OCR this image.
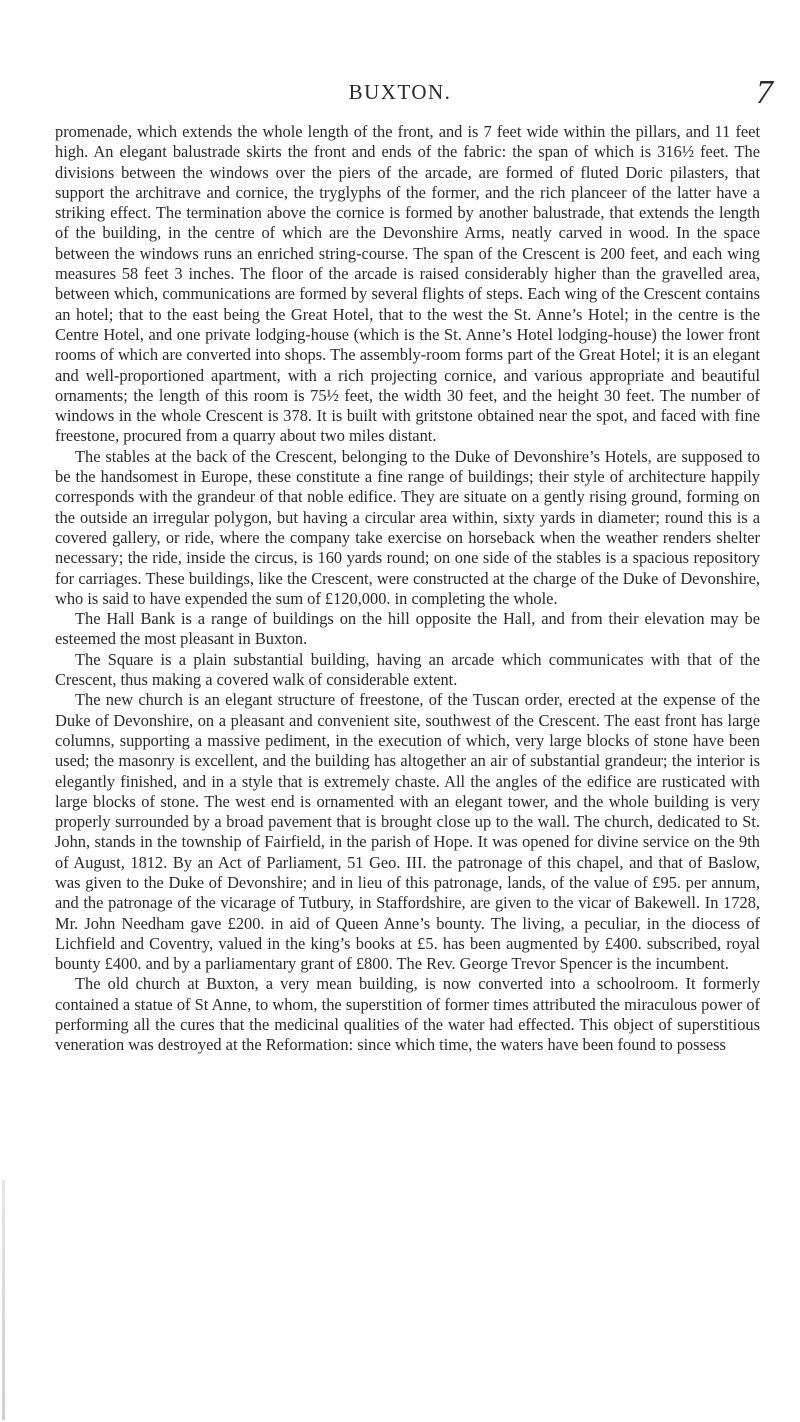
BUXTON.	7

promenade, which extends the whole length of the front, and is 7 feet wide within the pillars, and 11 feet high. An elegant balustrade skirts the front and ends of the fabric: the span of which is 316½ feet. The divisions between the windows over the piers of the arcade, are formed of fluted Doric pilasters, that support the architrave and cornice, the tryglyphs of the former, and the rich planceer of the latter have a striking effect. The termination above the cornice is formed by another balustrade, that extends the length of the building, in the centre of which are the Devonshire Arms, neatly carved in wood. In the space between the windows runs an enriched string-course. The span of the Crescent is 200 feet, and each wing measures 58 feet 3 inches. The floor of the arcade is raised considerably higher than the gravelled area, between which, communications are formed by several flights of steps. Each wing of the Crescent contains an hotel; that to the east being the Great Hotel, that to the west the St. Anne’s Hotel; in the centre is the Centre Hotel, and one private lodging-house (which is the St. Anne’s Hotel lodging-house) the lower front rooms of which are converted into shops. The assembly-room forms part of the Great Hotel; it is an elegant and well-proportioned apartment, with a rich projecting cornice, and various appropriate and beautiful ornaments; the length of this room is 75½ feet, the width 30 feet, and the height 30 feet. The number of windows in the whole Crescent is 378. It is built with gritstone obtained near the spot, and faced with fine freestone, procured from a quarry about two miles distant.

The stables at the back of the Crescent, belonging to the Duke of Devonshire’s Hotels, are supposed to be the handsomest in Europe, these constitute a fine range of buildings; their style of architecture happily corresponds with the grandeur of that noble edifice. They are situate on a gently rising ground, forming on the outside an irregular polygon, but having a circular area within, sixty yards in diameter; round this is a covered gallery, or ride, where the company take exercise on horseback when the weather renders shelter necessary; the ride, inside the circus, is 160 yards round; on one side of the stables is a spacious repository for carriages. These buildings, like the Crescent, were constructed at the charge of the Duke of Devonshire, who is said to have expended the sum of £120,000. in completing the whole.

The Hall Bank is a range of buildings on the hill opposite the Hall, and from their elevation may be esteemed the most pleasant in Buxton.

The Square is a plain substantial building, having an arcade which communicates with that of the Crescent, thus making a covered walk of considerable extent.

The new church is an elegant structure of freestone, of the Tuscan order, erected at the expense of the Duke of Devonshire, on a pleasant and convenient site, southwest of the Crescent. The east front has large columns, supporting a massive pediment, in the execution of which, very large blocks of stone have been used; the masonry is excellent, and the building has altogether an air of substantial grandeur; the interior is elegantly finished, and in a style that is extremely chaste. All the angles of the edifice are rusticated with large blocks of stone. The west end is ornamented with an elegant tower, and the whole building is very properly surrounded by a broad pavement that is brought close up to the wall. The church, dedicated to St. John, stands in the township of Fairfield, in the parish of Hope. It was opened for divine service on the 9th of August, 1812. By an Act of Parliament, 51 Geo. III. the patronage of this chapel, and that of Baslow, was given to the Duke of Devonshire; and in lieu of this patronage, lands, of the value of £95. per annum, and the patronage of the vicarage of Tutbury, in Staffordshire, are given to the vicar of Bakewell. In 1728, Mr. John Needham gave £200. in aid of Queen Anne’s bounty. The living, a peculiar, in the diocess of Lichfield and Coventry, valued in the king’s books at £5. has been augmented by £400. subscribed, royal bounty £400. and by a parliamentary grant of £800. The Rev. George Trevor Spencer is the incumbent.

The old church at Buxton, a very mean building, is now converted into a schoolroom. It formerly contained a statue of St Anne, to whom, the superstition of former times attributed the miraculous power of performing all the cures that the medicinal qualities of the water had effected. This object of superstitious veneration was destroyed at the Reformation: since which time, the waters have been found to possess
